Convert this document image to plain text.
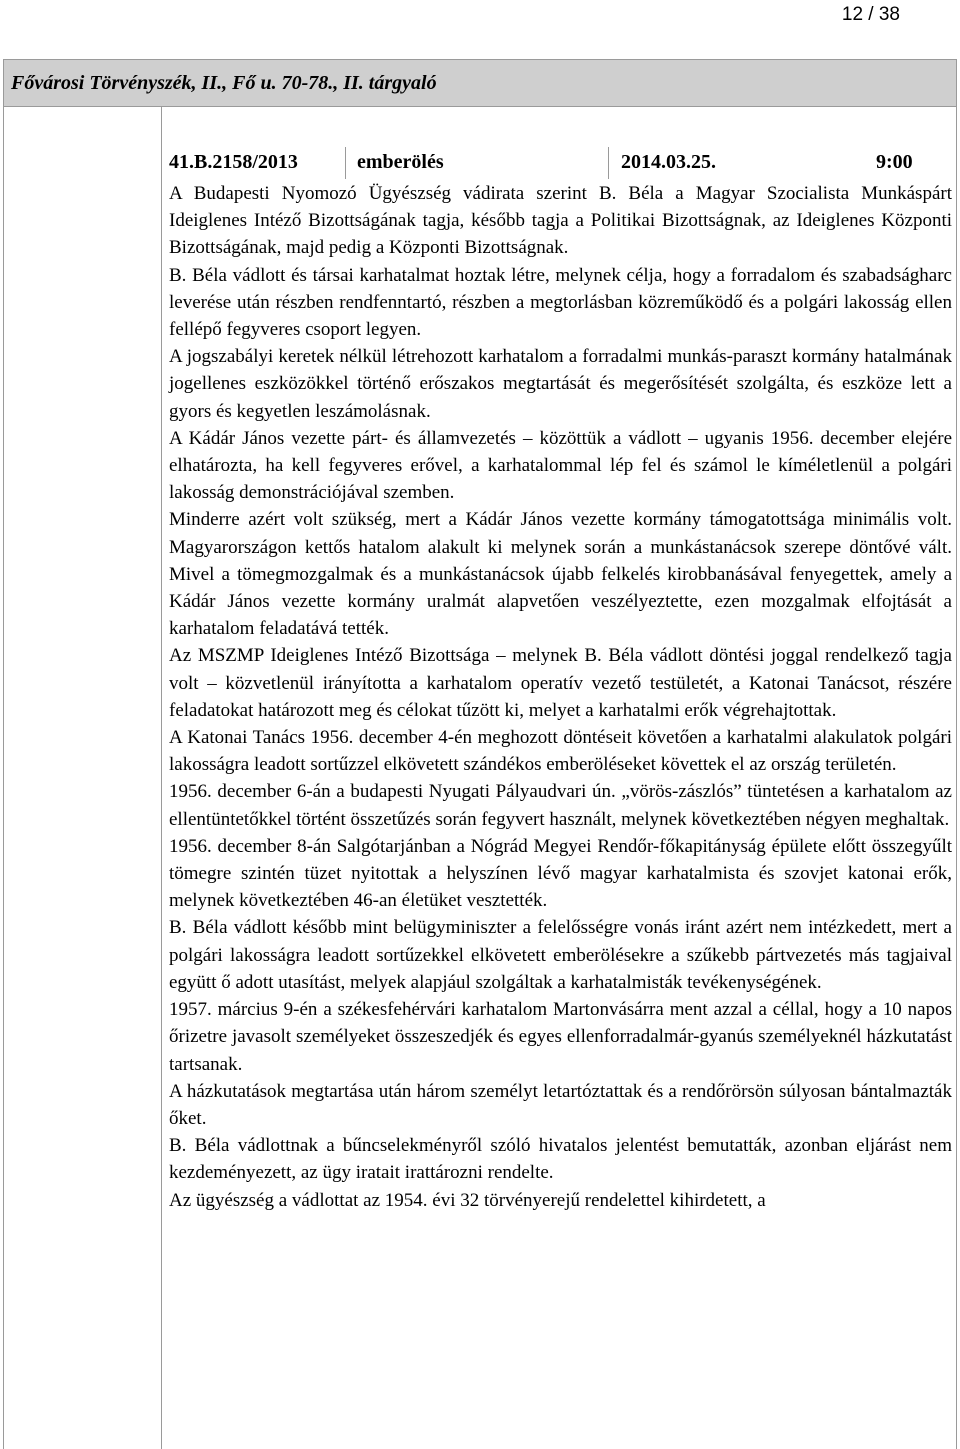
12 / 38
Fővárosi Törvényszék, II., Fő u. 70-78., II. tárgyaló
41.B.2158/2013	emberölés	2014.03.25.	9:00

A Budapesti Nyomozó Ügyészség vádirata szerint B. Béla a Magyar Szocialista Munkáspárt Ideiglenes Intéző Bizottságának tagja, később tagja a Politikai Bizottságnak, az Ideiglenes Központi Bizottságának, majd pedig a Központi Bizottságnak.

B. Béla vádlott és társai karhatalmat hoztak létre, melynek célja, hogy a forradalom és szabadságharc leverése után részben rendfenntartó, részben a megtorlásban közreműködő és a polgári lakosság ellen fellépő fegyveres csoport legyen.

A jogszabályi keretek nélkül létrehozott karhatalom a forradalmi munkás-paraszt kormány hatalmának jogellenes eszközökkel történő erőszakos megtartását és megerősítését szolgálta, és eszköze lett a gyors és kegyetlen leszámolásnak.

A Kádár János vezette párt- és államvezetés – közöttük a vádlott – ugyanis 1956. december elejére elhatározta, ha kell fegyveres erővel, a karhatalommal lép fel és számol le kíméletlenül a polgári lakosság demonstrációjával szemben.

Minderre azért volt szükség, mert a Kádár János vezette kormány támogatottsága minimális volt. Magyarországon kettős hatalom alakult ki melynek során a munkástanácsok szerepe döntővé vált. Mivel a tömegmozgalmak és a munkástanácsok újabb felkelés kirobbanásával fenyegettek, amely a Kádár János vezette kormány uralmát alapvetően veszélyeztette, ezen mozgalmak elfojtását a karhatalom feladatává tették.

Az MSZMP Ideiglenes Intéző Bizottsága – melynek B. Béla vádlott döntési joggal rendelkező tagja volt – közvetlenül irányította a karhatalom operatív vezető testületét, a Katonai Tanácsot, részére feladatokat határozott meg és célokat tűzött ki, melyet a karhatalmi erők végrehajtottak.

A Katonai Tanács 1956. december 4-én meghozott döntéseit követően a karhatalmi alakulatok polgári lakosságra leadott sortűzzel elkövetett szándékos emberöléseket követtek el az ország területén.

1956. december 6-án a budapesti Nyugati Pályaudvari ún. „vörös-zászlós” tüntetésen a karhatalom az ellentüntetőkkel történt összetűzés során fegyvert használt, melynek következtében négyen meghaltak.

1956. december 8-án Salgótarjánban a Nógrád Megyei Rendőr-főkapitányság épülete előtt összegyűlt tömegre szintén tüzet nyitottak a helyszínen lévő magyar karhatalmista és szovjet katonai erők, melynek következtében 46-an életüket vesztették.

B. Béla vádlott később mint belügyminiszter a felelősségre vonás iránt azért nem intézkedett, mert a polgári lakosságra leadott sortűzekkel elkövetett emberölésekre a szűkebb pártvezetés más tagjaival együtt ő adott utasítást, melyek alapjául szolgáltak a karhatalmisták tevékenységének.

1957. március 9-én a székesfehérvári karhatalom Martonvásárra ment azzal a céllal, hogy a 10 napos őrizetre javasolt személyeket összeszedjék és egyes ellenforradalmár-gyanús személyeknél házkutatást tartsanak.

A házkutatások megtartása után három személyt letartóztattak és a rendőrörsön súlyosan bántalmazták őket.

B. Béla vádlottnak a bűncselekményről szóló hivatalos jelentést bemutatták, azonban eljárást nem kezdeményezett, az ügy iratait irattározni rendelte.

Az ügyészség a vádlottat az 1954. évi 32 törvényerejű rendelettel kihirdetett, a
